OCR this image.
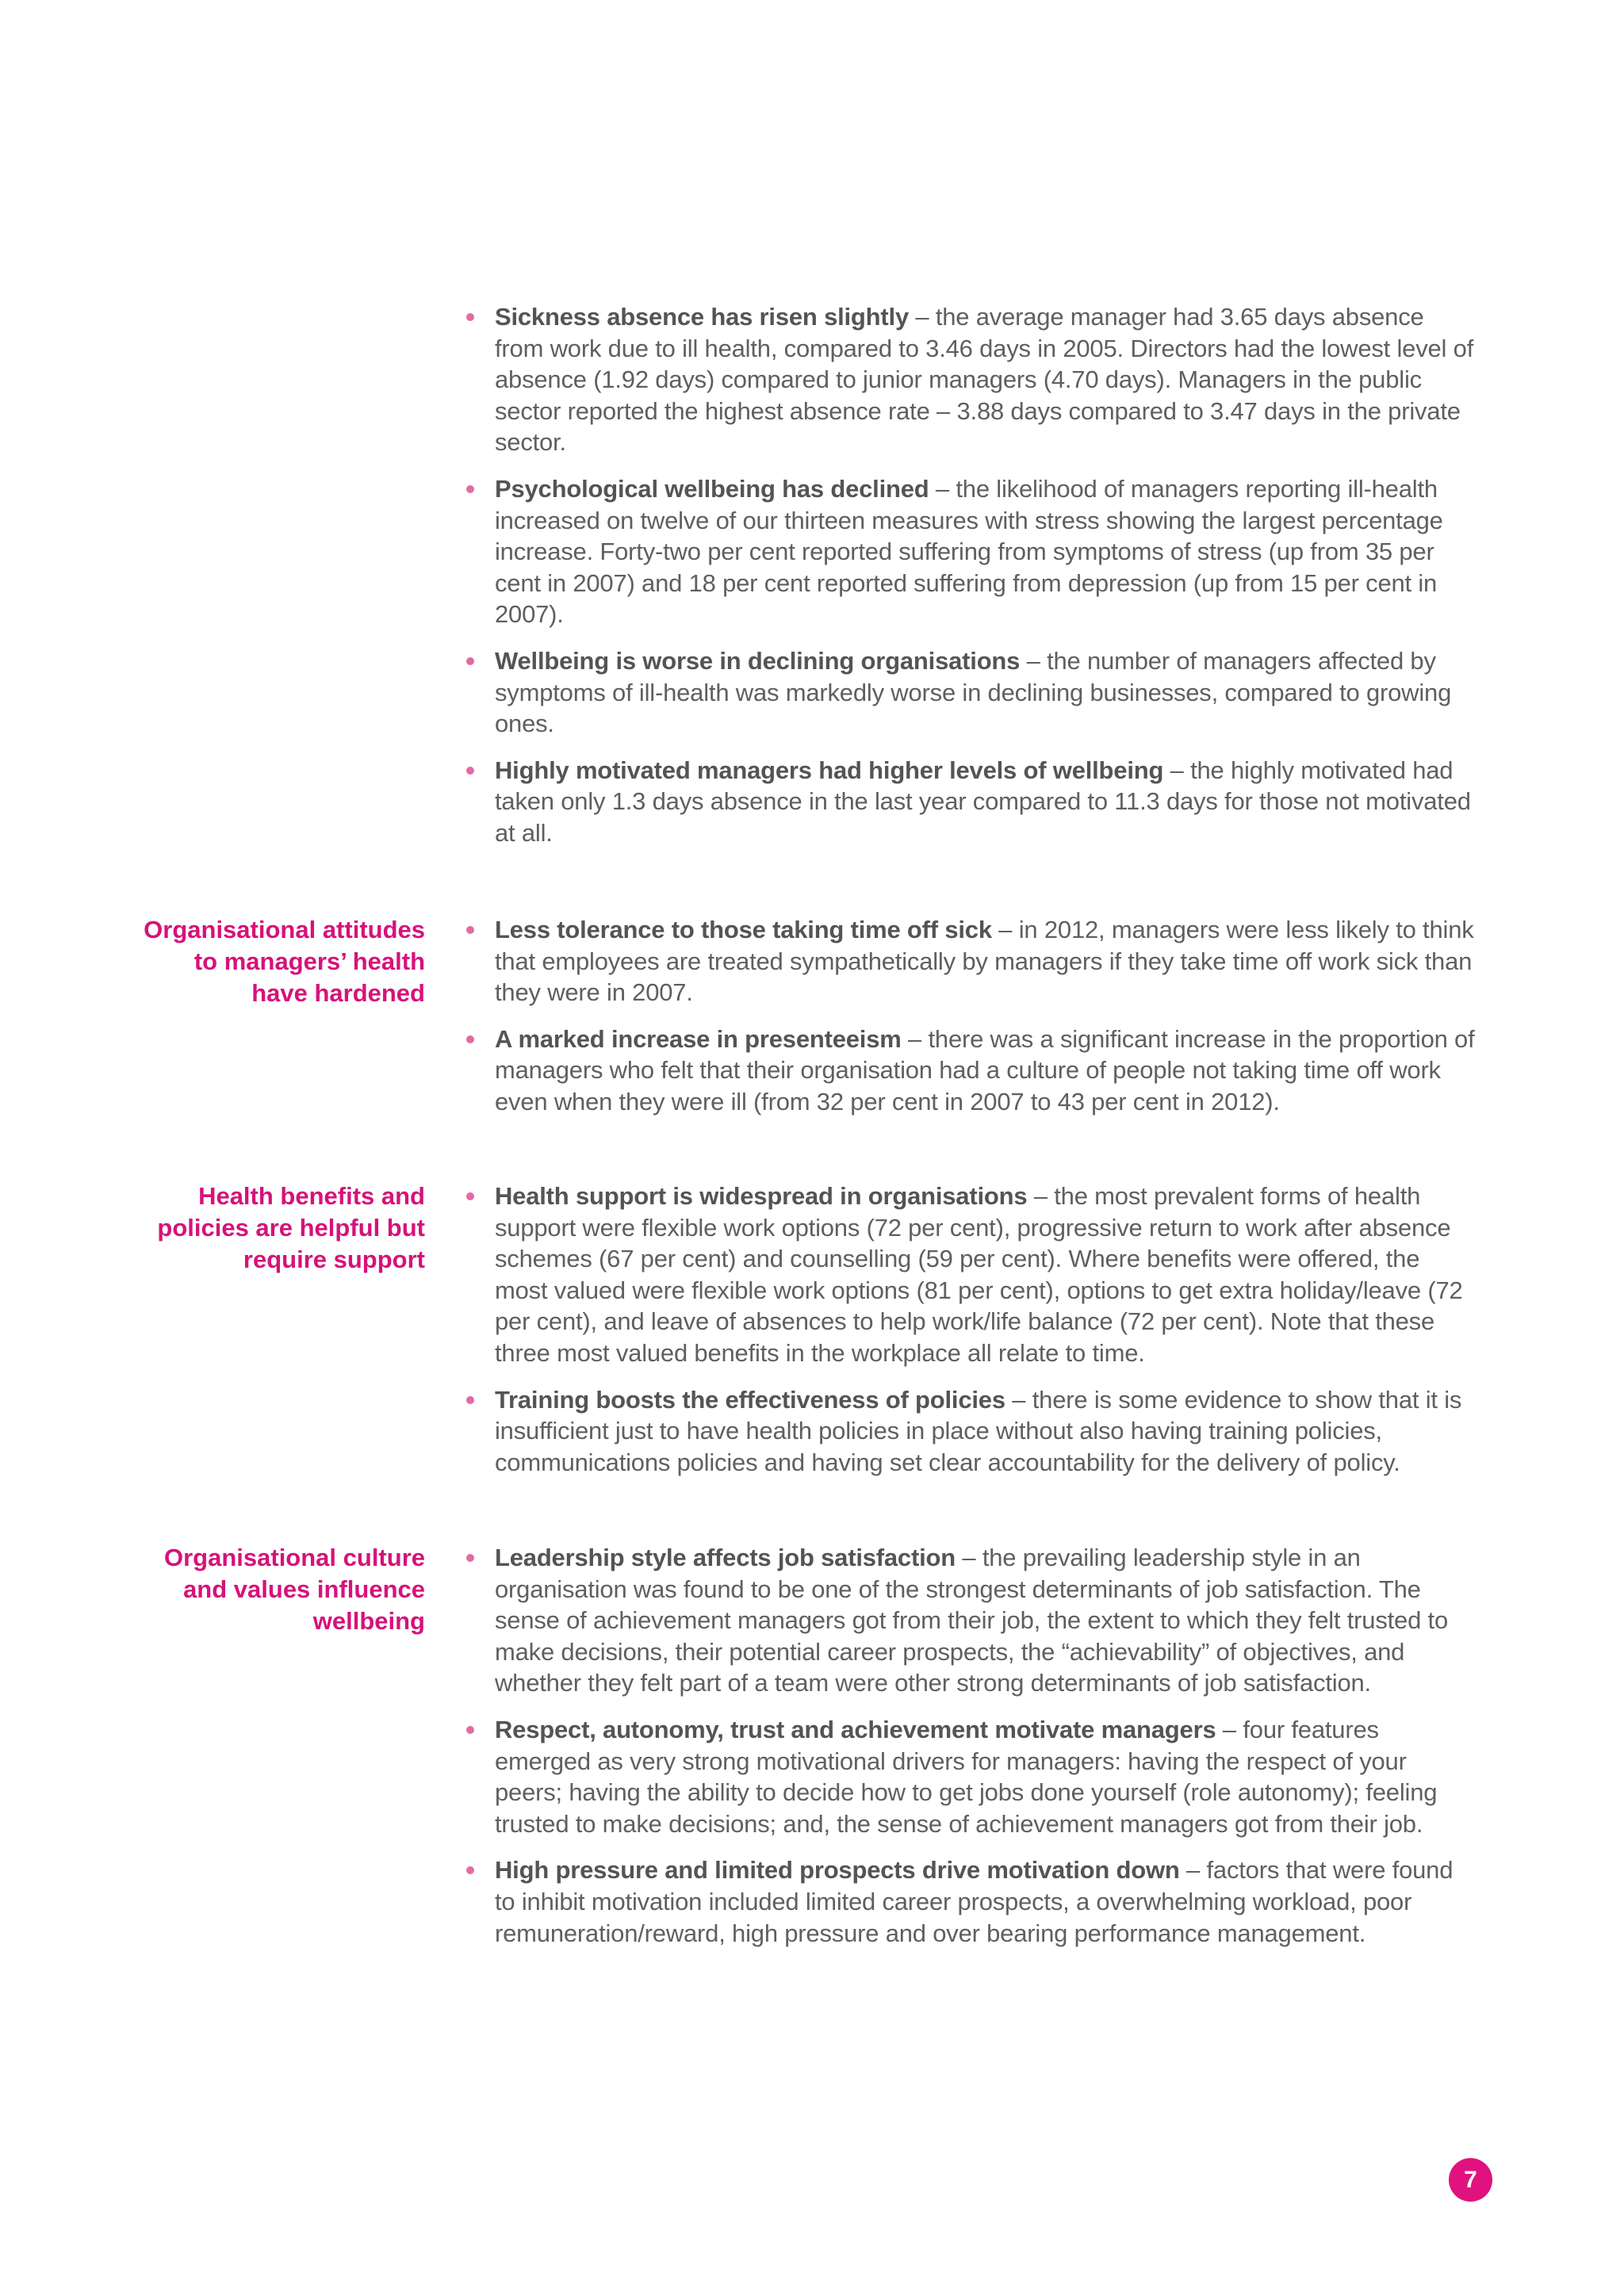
Sickness absence has risen slightly – the average manager had 3.65 days absence from work due to ill health, compared to 3.46 days in 2005. Directors had the lowest level of absence (1.92 days) compared to junior managers (4.70 days). Managers in the public sector reported the highest absence rate – 3.88 days compared to 3.47 days in the private sector.
Psychological wellbeing has declined – the likelihood of managers reporting ill-health increased on twelve of our thirteen measures with stress showing the largest percentage increase. Forty-two per cent reported suffering from symptoms of stress (up from 35 per cent in 2007) and 18 per cent reported suffering from depression (up from 15 per cent in 2007).
Wellbeing is worse in declining organisations – the number of managers affected by symptoms of ill-health was markedly worse in declining businesses, compared to growing ones.
Highly motivated managers had higher levels of wellbeing – the highly motivated had taken only 1.3 days absence in the last year compared to 11.3 days for those not motivated at all.
Organisational attitudes to managers’ health have hardened
Less tolerance to those taking time off sick – in 2012, managers were less likely to think that employees are treated sympathetically by managers if they take time off work sick than they were in 2007.
A marked increase in presenteeism – there was a significant increase in the proportion of managers who felt that their organisation had a culture of people not taking time off work even when they were ill (from 32 per cent in 2007 to 43 per cent in 2012).
Health benefits and policies are helpful but require support
Health support is widespread in organisations – the most prevalent forms of health support were flexible work options (72 per cent), progressive return to work after absence schemes (67 per cent) and counselling (59 per cent). Where benefits were offered, the most valued were flexible work options (81 per cent), options to get extra holiday/leave (72 per cent), and leave of absences to help work/life balance (72 per cent). Note that these three most valued benefits in the workplace all relate to time.
Training boosts the effectiveness of policies – there is some evidence to show that it is insufficient just to have health policies in place without also having training policies, communications policies and having set clear accountability for the delivery of policy.
Organisational culture and values influence wellbeing
Leadership style affects job satisfaction – the prevailing leadership style in an organisation was found to be one of the strongest determinants of job satisfaction. The sense of achievement managers got from their job, the extent to which they felt trusted to make decisions, their potential career prospects, the “achievability” of objectives, and whether they felt part of a team were other strong determinants of job satisfaction.
Respect, autonomy, trust and achievement motivate managers – four features emerged as very strong motivational drivers for managers: having the respect of your peers; having the ability to decide how to get jobs done yourself (role autonomy); feeling trusted to make decisions; and, the sense of achievement managers got from their job.
High pressure and limited prospects drive motivation down – factors that were found to inhibit motivation included limited career prospects, a overwhelming workload, poor remuneration/reward, high pressure and over bearing performance management.
7
